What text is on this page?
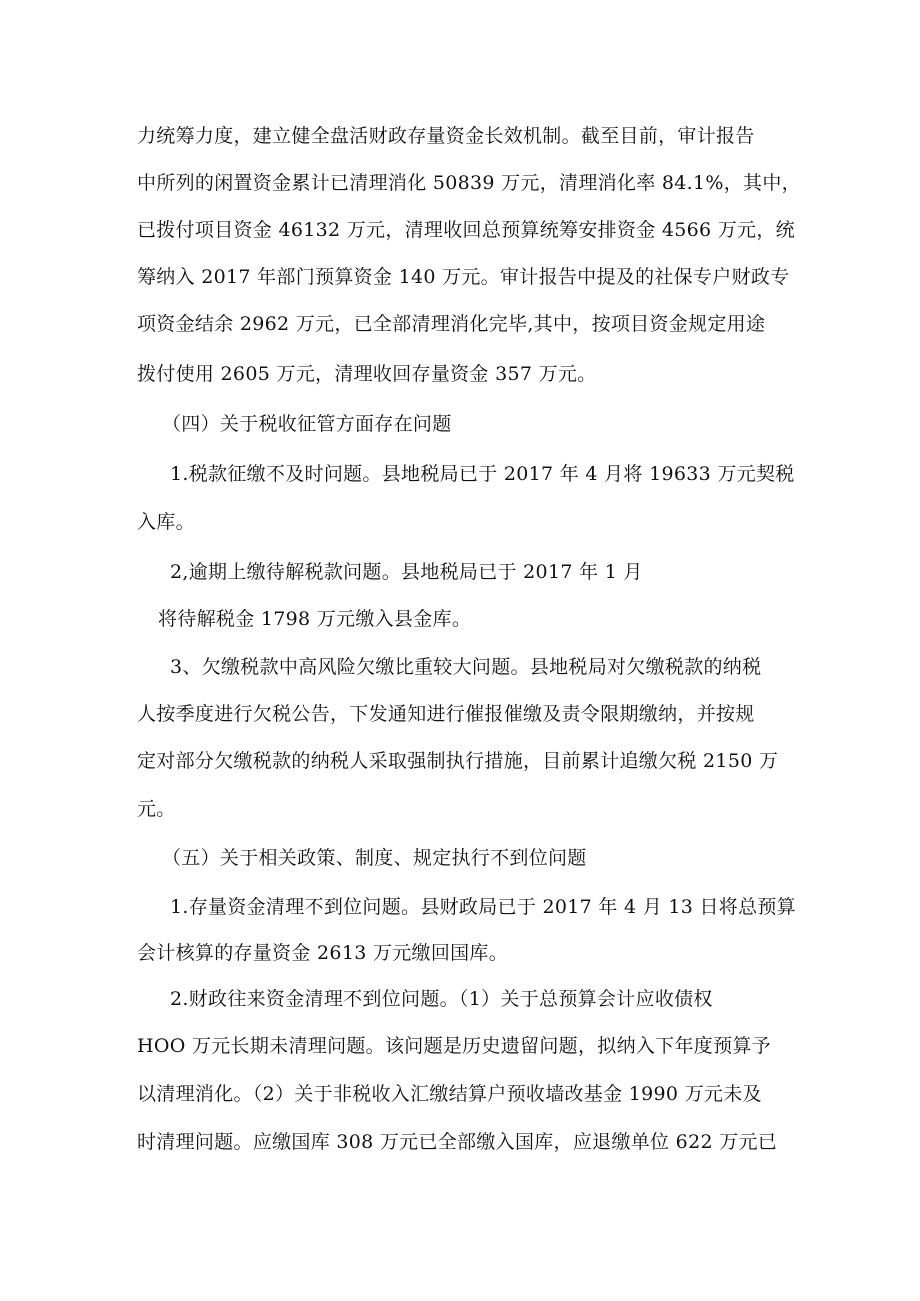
力统筹力度，建立健全盘活财政存量资金长效机制。截至目前，审计报告
中所列的闲置资金累计已清理消化 50839 万元，清理消化率 84.1%，其中，
已拨付项目资金 46132 万元，清理收回总预算统筹安排资金 4566 万元，统
筹纳入 2017 年部门预算资金 140 万元。审计报告中提及的社保专户财政专
项资金结余 2962 万元，已全部清理消化完毕,其中，按项目资金规定用途
拨付使用 2605 万元，清理收回存量资金 357 万元。
（四）关于税收征管方面存在问题
1.税款征缴不及时问题。县地税局已于 2017 年 4 月将 19633 万元契税
入库。
2,逾期上缴待解税款问题。县地税局已于 2017 年 1 月
将待解税金 1798 万元缴入县金库。
3、欠缴税款中高风险欠缴比重较大问题。县地税局对欠缴税款的纳税
人按季度进行欠税公告，下发通知进行催报催缴及责令限期缴纳，并按规
定对部分欠缴税款的纳税人采取强制执行措施，目前累计追缴欠税 2150 万
元。
（五）关于相关政策、制度、规定执行不到位问题
1.存量资金清理不到位问题。县财政局已于 2017 年 4 月 13 日将总预算
会计核算的存量资金 2613 万元缴回国库。
2.财政往来资金清理不到位问题。（1）关于总预算会计应收债权
HOO 万元长期未清理问题。该问题是历史遗留问题，拟纳入下年度预算予
以清理消化。（2）关于非税收入汇缴结算户预收墙改基金 1990 万元未及
时清理问题。应缴国库 308 万元已全部缴入国库，应退缴单位 622 万元已
